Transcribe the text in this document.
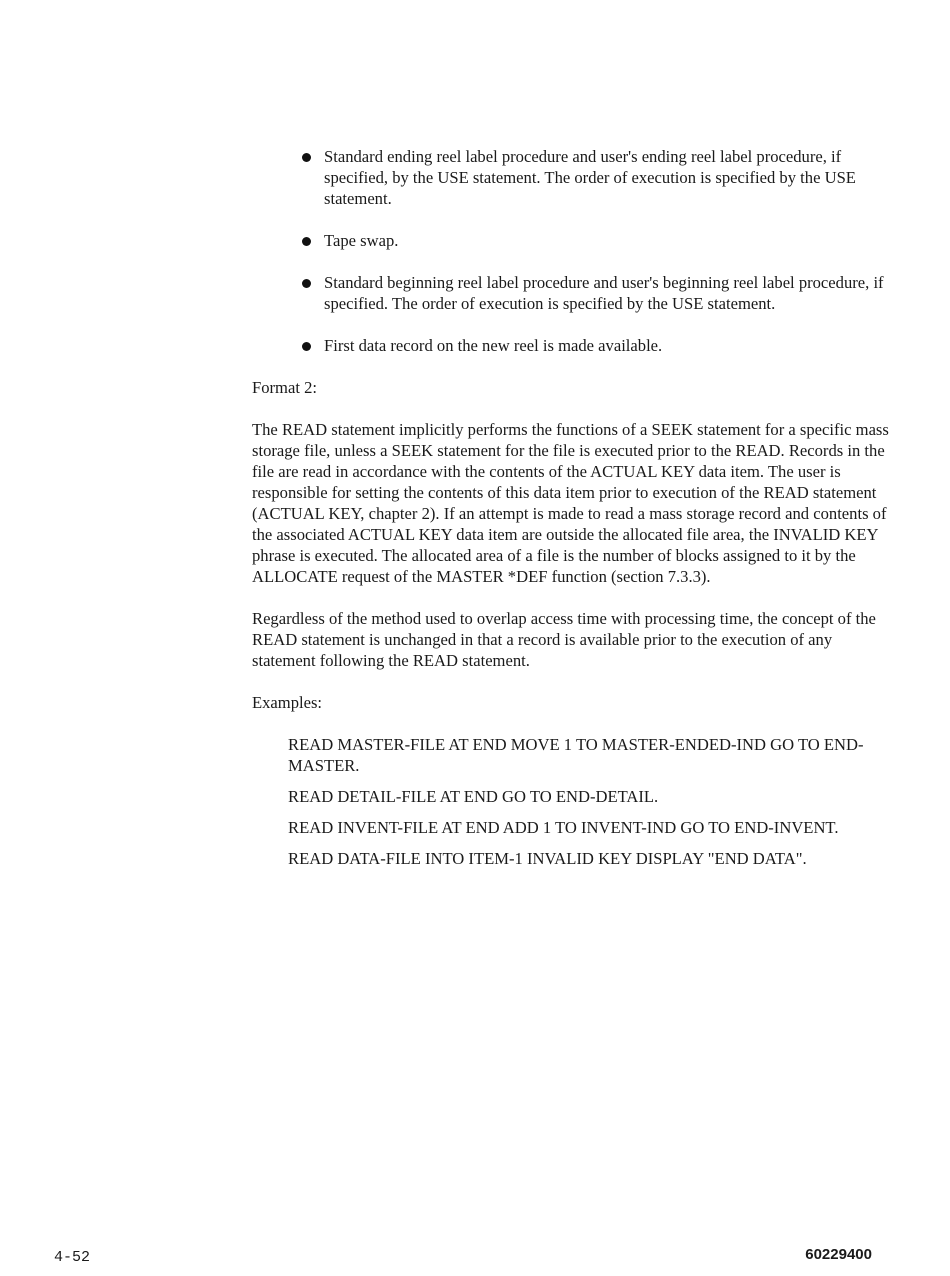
Standard ending reel label procedure and user's ending reel label procedure, if specified, by the USE statement. The order of execution is specified by the USE statement.
Tape swap.
Standard beginning reel label procedure and user's beginning reel label procedure, if specified. The order of execution is specified by the USE statement.
First data record on the new reel is made available.

Format 2:

The READ statement implicitly performs the functions of a SEEK statement for a specific mass storage file, unless a SEEK statement for the file is executed prior to the READ. Records in the file are read in accordance with the contents of the ACTUAL KEY data item. The user is responsible for setting the contents of this data item prior to execution of the READ statement (ACTUAL KEY, chapter 2). If an attempt is made to read a mass storage record and contents of the associated ACTUAL KEY data item are outside the allocated file area, the INVALID KEY phrase is executed. The allocated area of a file is the number of blocks assigned to it by the ALLOCATE request of the MASTER *DEF function (section 7.3.3).

Regardless of the method used to overlap access time with processing time, the concept of the READ statement is unchanged in that a record is available prior to the execution of any statement following the READ statement.

Examples:

READ MASTER-FILE AT END MOVE 1 TO MASTER-ENDED-IND GO TO END-MASTER.

READ DETAIL-FILE AT END GO TO END-DETAIL.

READ INVENT-FILE AT END ADD 1 TO INVENT-IND GO TO END-INVENT.

READ DATA-FILE INTO ITEM-1 INVALID KEY DISPLAY "END DATA".

4-52	60229400
